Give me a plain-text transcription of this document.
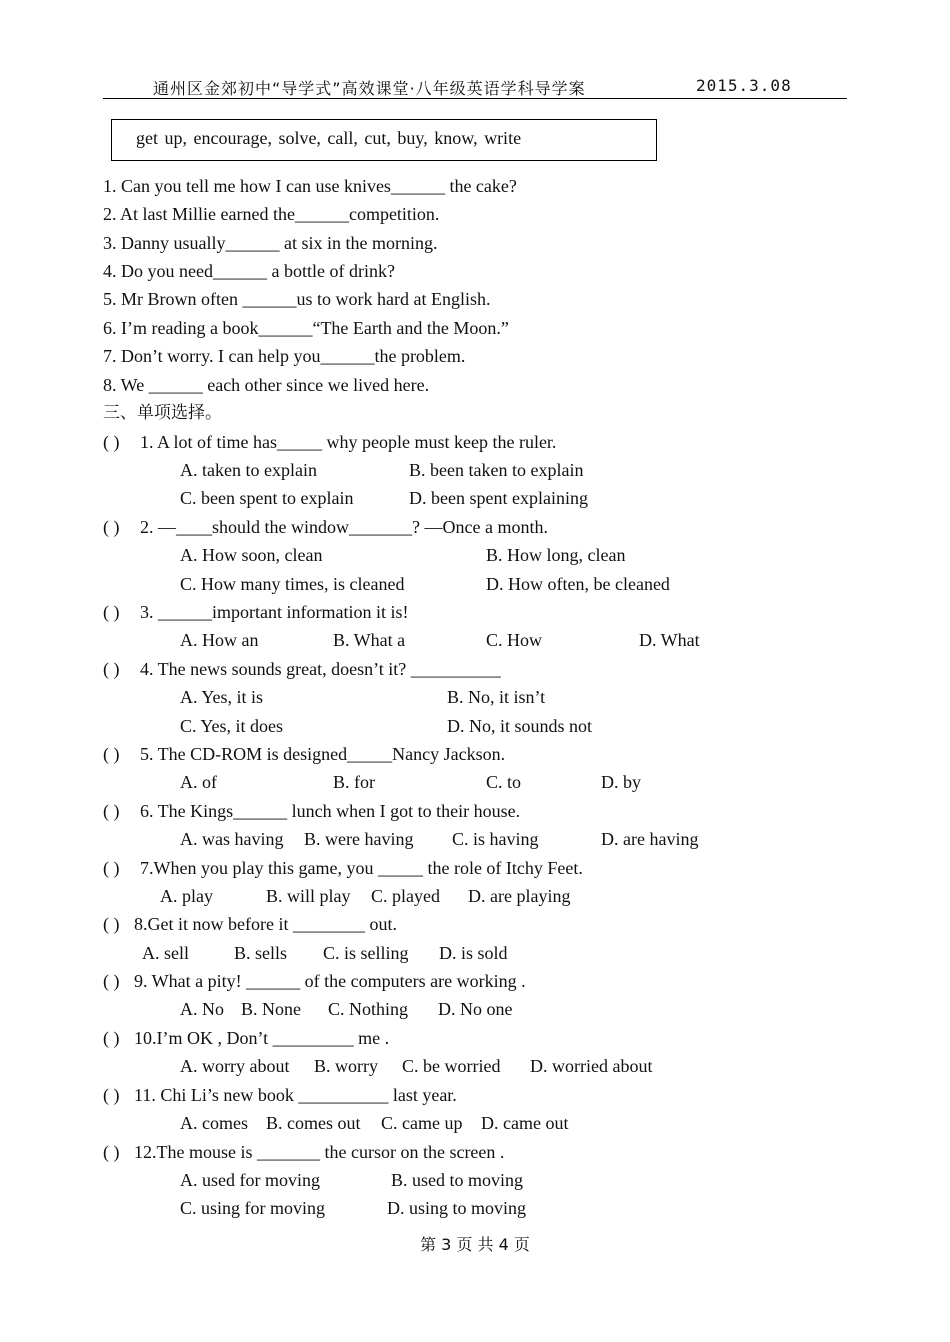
通州区金郊初中“导学式”高效课堂·八年级英语学科导学案	2015.3.08
get up, encourage, solve, call, cut, buy, know, write
1. Can you tell me how I can use knives______ the cake?
2. At last Millie earned the______competition.
3. Danny usually______ at six in the morning.
4. Do you need______ a bottle of drink?
5. Mr Brown often ______us to work hard at English.
6. I’m reading a book______“The Earth and the Moon.”
7. Don’t worry. I can help you______the problem.
8. We ______ each other since we lived here.
三、单项选择。
( ) 1. A lot of time has_____ why people must keep the ruler.
A. taken to explain	B. been taken to explain
C. been spent to explain	D. been spent explaining
( ) 2. —____should the window_______? —Once a month.
A. How soon, clean	B. How long, clean
C. How many times, is cleaned	D. How often, be cleaned
( ) 3. ______important information it is!
A. How an	B. What a	C. How	D. What
( ) 4. The news sounds great, doesn’t it? __________
A. Yes, it is	B. No, it isn’t
C. Yes, it does	D. No, it sounds not
( ) 5. The CD-ROM is designed_____Nancy Jackson.
A. of	B. for	C. to	D. by
( ) 6. The Kings______ lunch when I got to their house.
A. was having B. were having C. is having	D. are having
( ) 7.When you play this game, you _____ the role of Itchy Feet.
A. play	B. will play C. played D. are playing
( ) 8.Get it now before it ________ out.
A. sell	B. sells C. is selling D. is sold
( ) 9. What a pity! ______ of the computers are working .
A. No B. None C. Nothing D. No one
( ) 10.I’m OK , Don’t _________ me .
A. worry about B. worry C. be worried D. worried about
( ) 11. Chi Li’s new book __________ last year.
A. comes B. comes out C. came up D. came out
( ) 12.The mouse is _______ the cursor on the screen .
A. used for moving	B. used to moving
C. using for moving	D. using to moving
第 3 页 共 4 页
